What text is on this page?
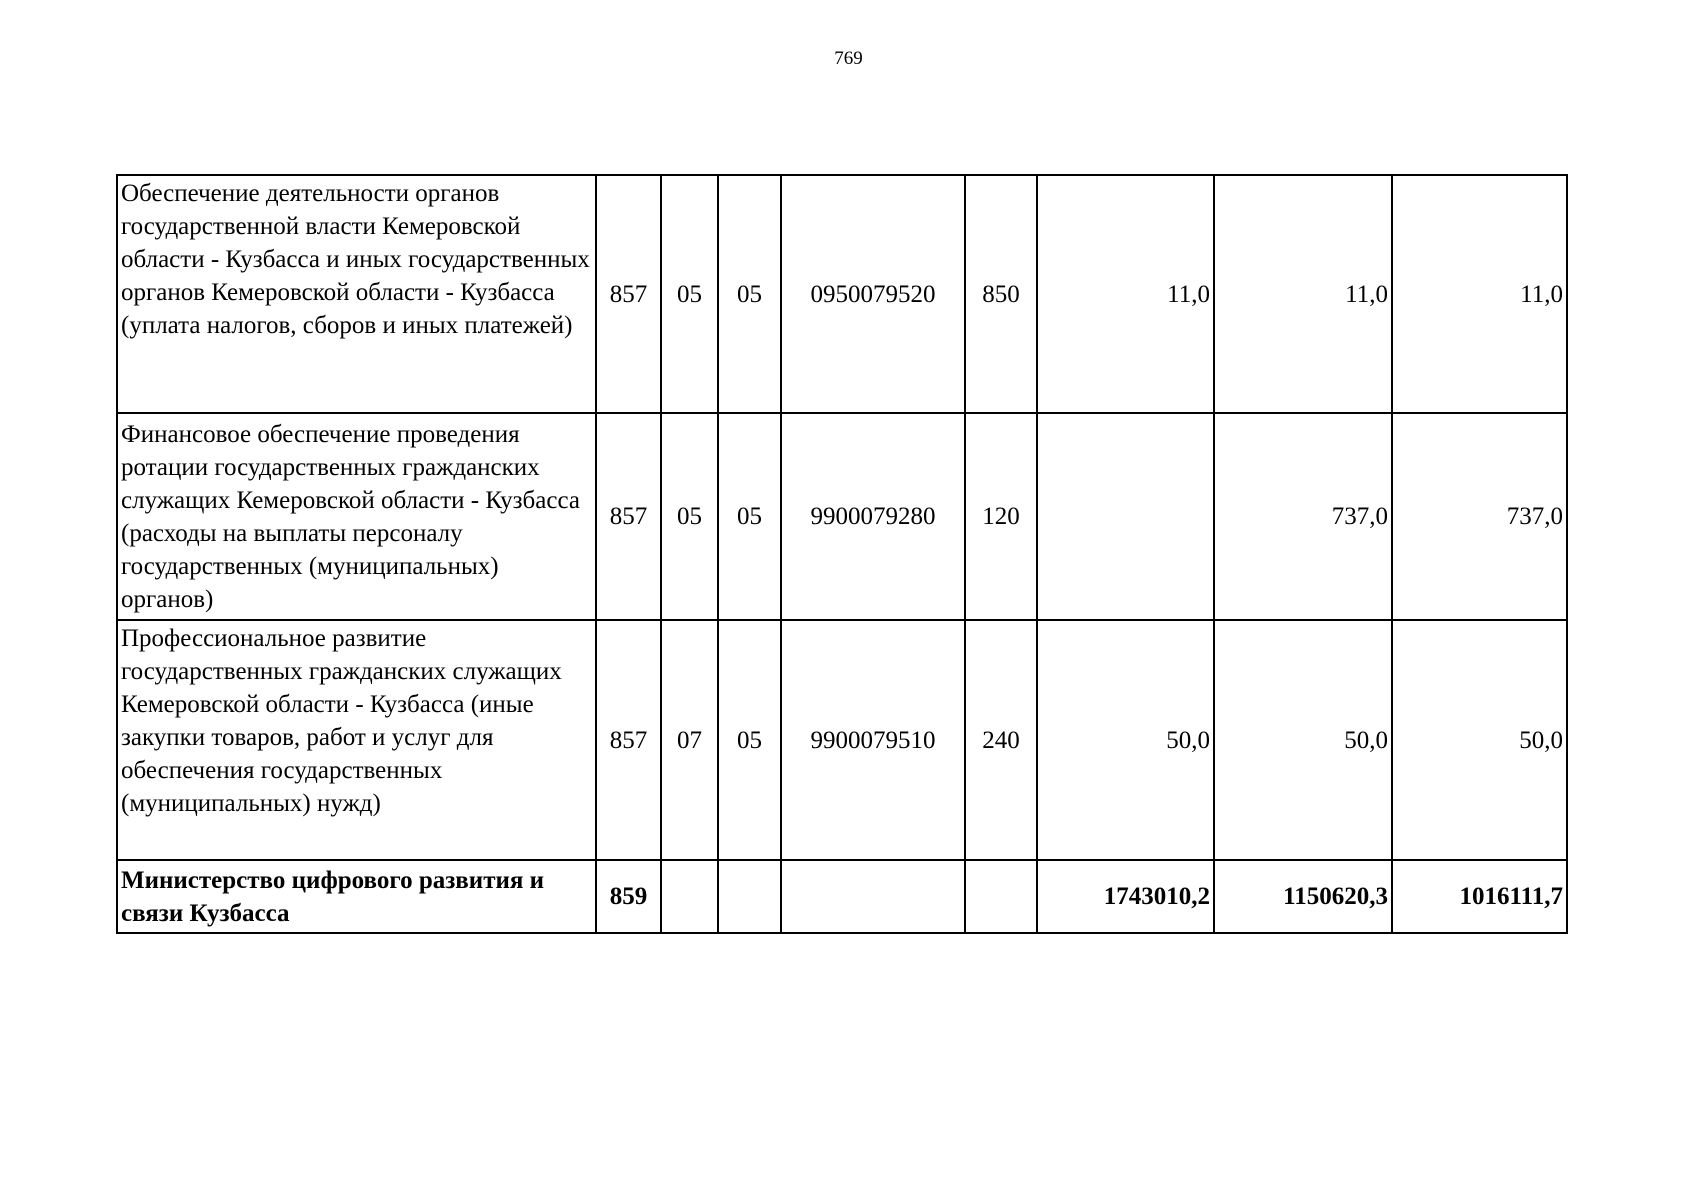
769
Обеспечение деятельности органов государственной власти Кемеровской области - Кузбасса и иных государственных органов Кемеровской области - Кузбасса (уплата налогов, сборов и иных платежей)	857	05	05	0950079520	850	11,0	11,0	11,0
Финансовое обеспечение проведения ротации государственных гражданских служащих Кемеровской области - Кузбасса (расходы на выплаты персоналу государственных (муниципальных) органов)	857	05	05	9900079280	120		737,0	737,0
Профессиональное развитие государственных гражданских служащих Кемеровской области - Кузбасса (иные закупки товаров, работ и услуг для обеспечения государственных (муниципальных) нужд)	857	07	05	9900079510	240	50,0	50,0	50,0
Министерство цифрового развития и связи Кузбасса	859					1743010,2	1150620,3	1016111,7
